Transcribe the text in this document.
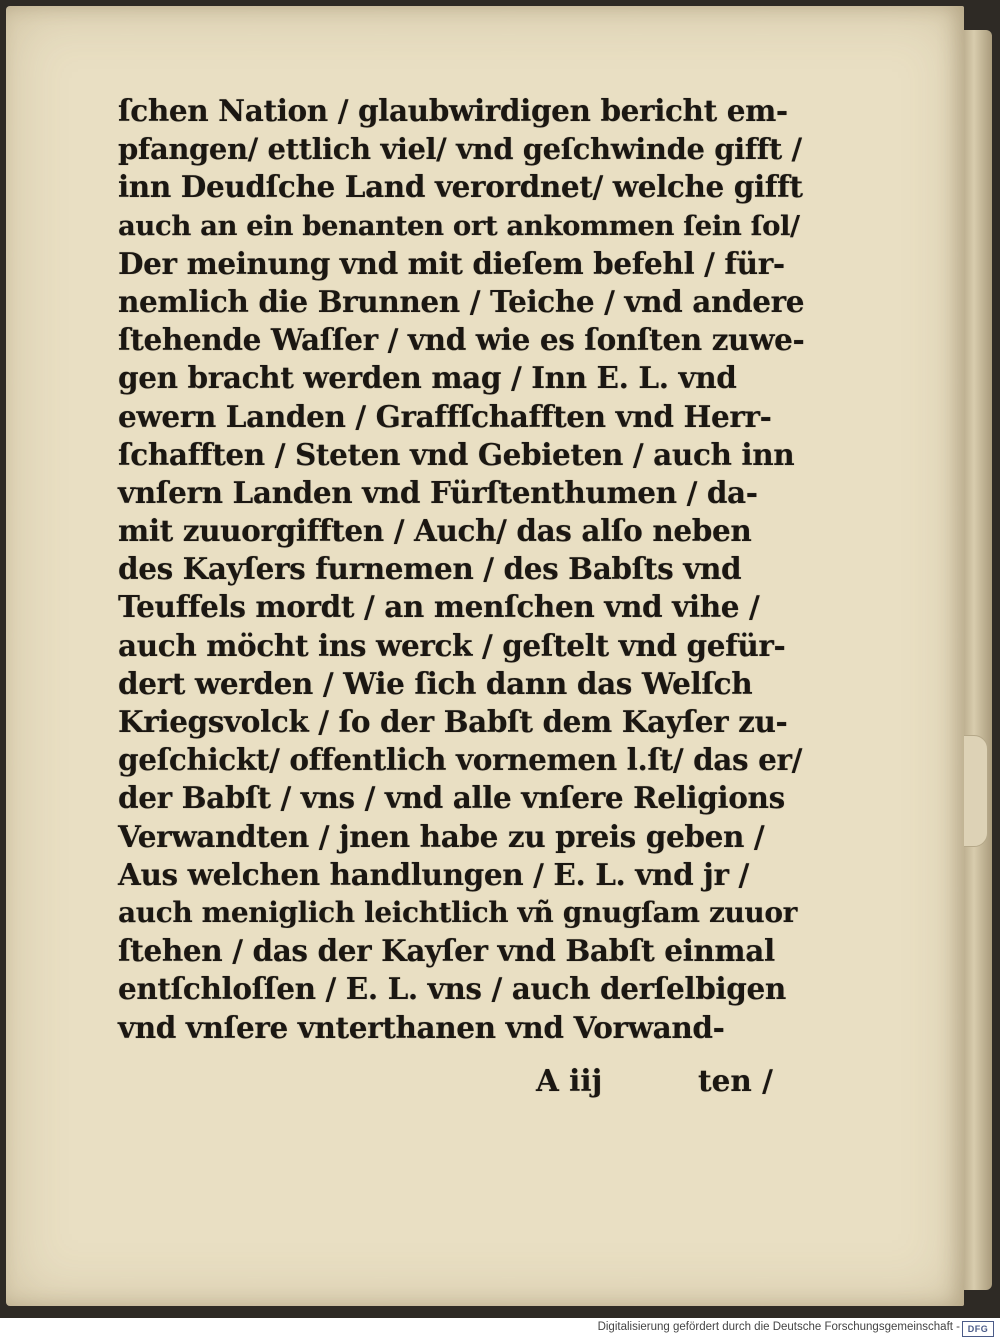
ſchen Nation / glaubwirdigen bericht em-
pfangen/ ettlich viel/ vnd geſchwinde gifft /
inn Deudſche Land verordnet/ welche gifft
auch an ein benanten ort ankommen ſein ſol/
Der meinung vnd mit dieſem befehl / für-
nemlich die Brunnen / Teiche / vnd andere
ſtehende Waſſer / vnd wie es ſonſten zuwe-
gen bracht werden mag / Inn E. L. vnd
ewern Landen / Graffſchafften vnd Herr-
ſchafften / Steten vnd Gebieten / auch inn
vnſern Landen vnd Fürſtenthumen / da-
mit zuuorgifften / Auch/ das alſo neben
des Kayſers furnemen / des Babſts vnd
Teuffels mordt / an menſchen vnd vihe /
auch möcht ins werck / geſtelt vnd gefür-
dert werden / Wie ſich dann das Welſch
Kriegsvolck / ſo der Babſt dem Kayſer zu-
geſchickt/ offentlich vornemen l.ſt/ das er/
der Babſt / vns / vnd alle vnſere Religions
Verwandten / jnen habe zu preis geben /
Aus welchen handlungen / E. L. vnd jr /
auch meniglich leichtlich vñ gnugſam zuuor
ſtehen / das der Kayſer vnd Babſt einmal
entſchloſſen / E. L. vns / auch derſelbigen
vnd vnſere vnterthanen vnd Vorwand-
A iij	ten /
Digitalisierung gefördert durch die Deutsche Forschungsgemeinschaft - DFG
